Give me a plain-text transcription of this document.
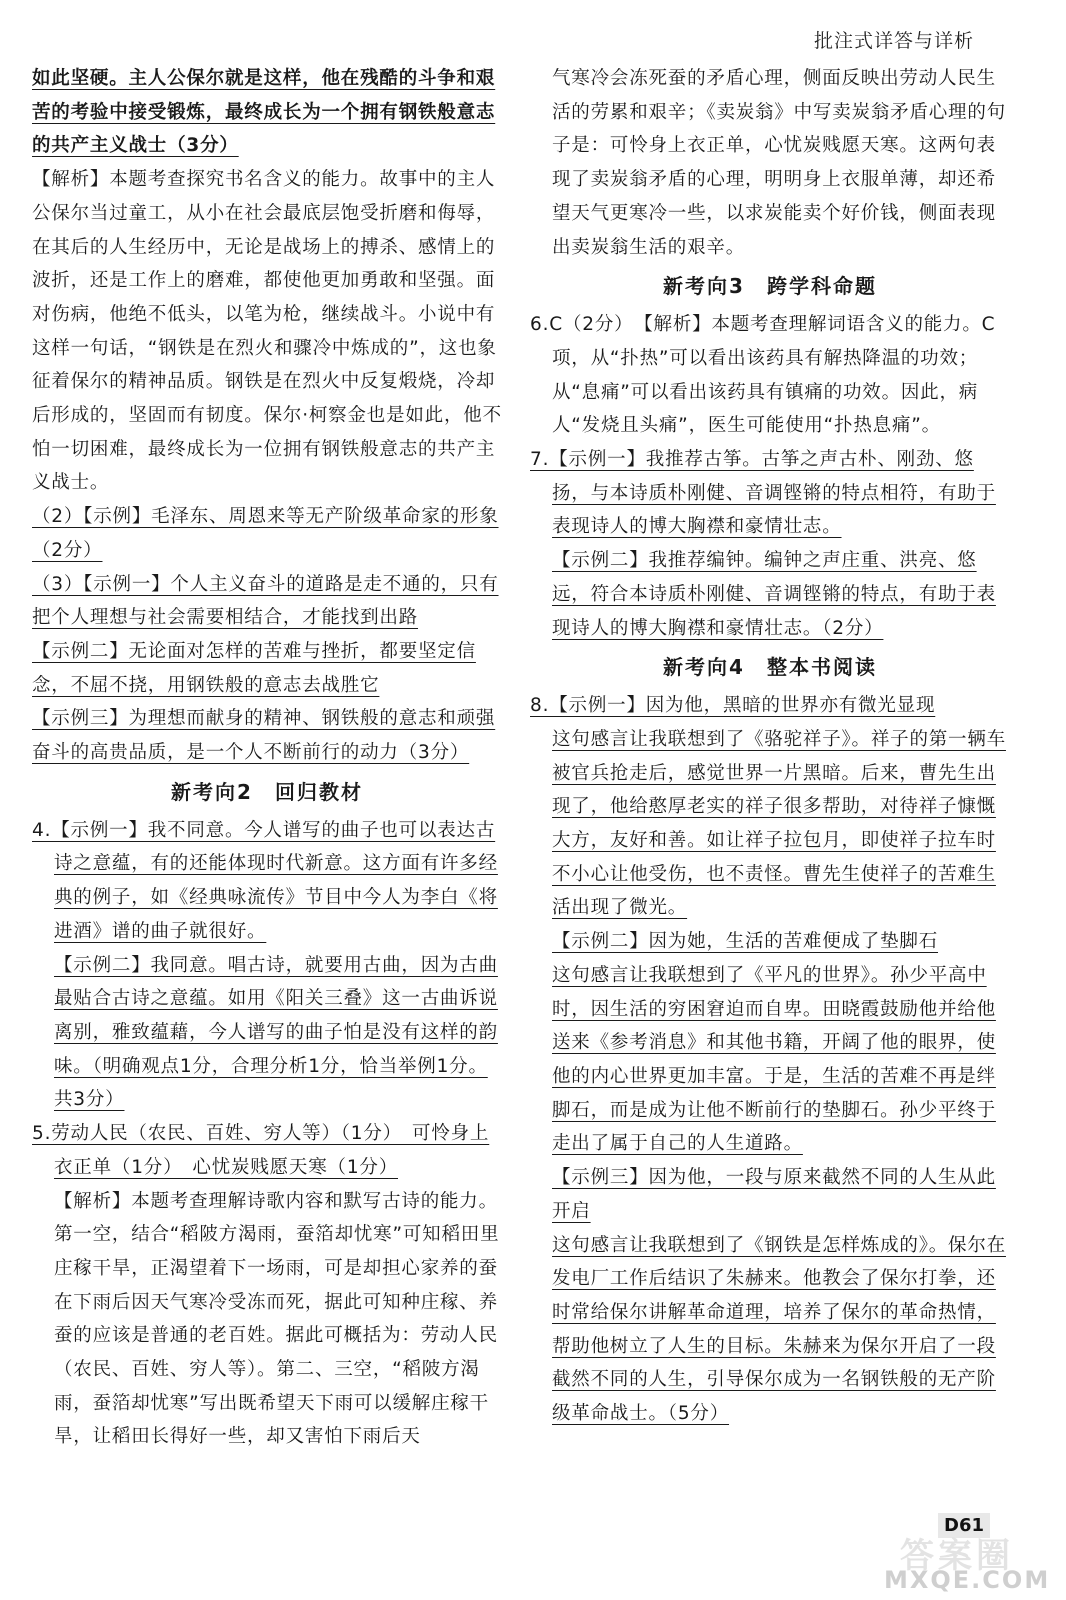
批注式详答与详析
如此坚硬。主人公保尔就是这样，他在残酷的斗争和艰苦的考验中接受锻炼，最终成长为一个拥有钢铁般意志的共产主义战士（3分）
【解析】本题考查探究书名含义的能力。故事中的主人公保尔当过童工，从小在社会最底层饱受折磨和侮辱，在其后的人生经历中，无论是战场上的搏杀、感情上的波折，还是工作上的磨难，都使他更加勇敢和坚强。面对伤病，他绝不低头，以笔为枪，继续战斗。小说中有这样一句话，“钢铁是在烈火和骤冷中炼成的”，这也象征着保尔的精神品质。钢铁是在烈火中反复煅烧，冷却后形成的，坚固而有韧度。保尔·柯察金也是如此，他不怕一切困难，最终成长为一位拥有钢铁般意志的共产主义战士。
（2）【示例】毛泽东、周恩来等无产阶级革命家的形象（2分）
（3）【示例一】个人主义奋斗的道路是走不通的，只有把个人理想与社会需要相结合，才能找到出路
【示例二】无论面对怎样的苦难与挫折，都要坚定信念，不屈不挠，用钢铁般的意志去战胜它
【示例三】为理想而献身的精神、钢铁般的意志和顽强奋斗的高贵品质，是一个人不断前行的动力（3分）
新考向2　回归教材
4.【示例一】我不同意。今人谱写的曲子也可以表达古诗之意蕴，有的还能体现时代新意。这方面有许多经典的例子，如《经典咏流传》节目中今人为李白《将进酒》谱的曲子就很好。
【示例二】我同意。唱古诗，就要用古曲，因为古曲最贴合古诗之意蕴。如用《阳关三叠》这一古曲诉说离别，雅致蕴藉，今人谱写的曲子怕是没有这样的韵味。（明确观点1分，合理分析1分，恰当举例1分。共3分）
5.劳动人民（农民、百姓、穷人等）（1分）　可怜身上衣正单（1分）　心忧炭贱愿天寒（1分）
【解析】本题考查理解诗歌内容和默写古诗的能力。第一空，结合“稻陂方渴雨，蚕箔却忧寒”可知稻田里庄稼干旱，正渴望着下一场雨，可是却担心家养的蚕在下雨后因天气寒冷受冻而死，据此可知种庄稼、养蚕的应该是普通的老百姓。据此可概括为：劳动人民（农民、百姓、穷人等）。第二、三空，“稻陂方渴雨，蚕箔却忧寒”写出既希望天下雨可以缓解庄稼干旱，让稻田长得好一些，却又害怕下雨后天
气寒冷会冻死蚕的矛盾心理，侧面反映出劳动人民生活的劳累和艰辛；《卖炭翁》中写卖炭翁矛盾心理的句子是：可怜身上衣正单，心忧炭贱愿天寒。这两句表现了卖炭翁矛盾的心理，明明身上衣服单薄，却还希望天气更寒冷一些，以求炭能卖个好价钱，侧面表现出卖炭翁生活的艰辛。
新考向3　跨学科命题
6.C（2分）　【解析】本题考查理解词语含义的能力。C项，从“扑热”可以看出该药具有解热降温的功效；从“息痛”可以看出该药具有镇痛的功效。因此，病人“发烧且头痛”，医生可能使用“扑热息痛”。
7.【示例一】我推荐古筝。古筝之声古朴、刚劲、悠扬，与本诗质朴刚健、音调铿锵的特点相符，有助于表现诗人的博大胸襟和豪情壮志。
【示例二】我推荐编钟。编钟之声庄重、洪亮、悠远，符合本诗质朴刚健、音调铿锵的特点，有助于表现诗人的博大胸襟和豪情壮志。（2分）
新考向4　整本书阅读
8.【示例一】因为他，黑暗的世界亦有微光显现
这句感言让我联想到了《骆驼祥子》。祥子的第一辆车被官兵抢走后，感觉世界一片黑暗。后来，曹先生出现了，他给憨厚老实的祥子很多帮助，对待祥子慷慨大方，友好和善。如让祥子拉包月，即使祥子拉车时不小心让他受伤，也不责怪。曹先生使祥子的苦难生活出现了微光。
【示例二】因为她，生活的苦难便成了垫脚石
这句感言让我联想到了《平凡的世界》。孙少平高中时，因生活的穷困窘迫而自卑。田晓霞鼓励他并给他送来《参考消息》和其他书籍，开阔了他的眼界，使他的内心世界更加丰富。于是，生活的苦难不再是绊脚石，而是成为让他不断前行的垫脚石。孙少平终于走出了属于自己的人生道路。
【示例三】因为他，一段与原来截然不同的人生从此开启
这句感言让我联想到了《钢铁是怎样炼成的》。保尔在发电厂工作后结识了朱赫来。他教会了保尔打拳，还时常给保尔讲解革命道理，培养了保尔的革命热情，帮助他树立了人生的目标。朱赫来为保尔开启了一段截然不同的人生，引导保尔成为一名钢铁般的无产阶级革命战士。（5分）
D61
答案圈
MXQE.COM
